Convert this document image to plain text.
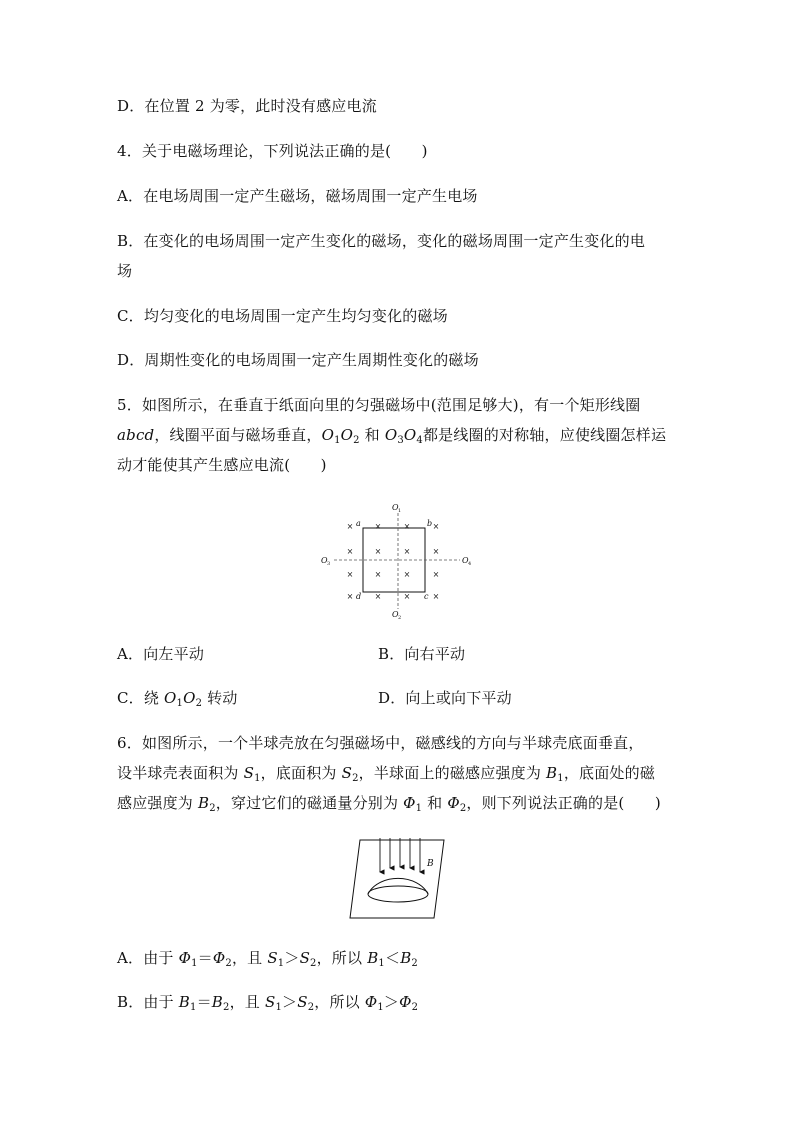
D．在位置 2 为零，此时没有感应电流
4．关于电磁场理论，下列说法正确的是(　　)
A．在电场周围一定产生磁场，磁场周围一定产生电场
B．在变化的电场周围一定产生变化的磁场，变化的磁场周围一定产生变化的电
场
C．均匀变化的电场周围一定产生均匀变化的磁场
D．周期性变化的电场周围一定产生周期性变化的磁场
5．如图所示，在垂直于纸面向里的匀强磁场中(范围足够大)，有一个矩形线圈
abcd，线圈平面与磁场垂直，$O_1O_2$ 和 $O_3O_4$都是线圈的对称轴，应使线圈怎样运
动才能使其产生感应电流(　　)
×	×	×	×
×	×	×	×
×	×	×	×
×	×	×	×
a	b
c
d
O
O
O	O
1
2
3	4
A．向左平动	B．向右平动
C．绕 $O_1O_2$ 转动	D．向上或向下平动
6．如图所示，一个半球壳放在匀强磁场中，磁感线的方向与半球壳底面垂直，
设半球壳表面积为 $S_1$，底面积为 $S_2$，半球面上的磁感应强度为 $B_1$，底面处的磁
感应强度为 $B_2$，穿过它们的磁通量分别为 $\Phi_1$ 和 $\Phi_2$，则下列说法正确的是(　　)
B
A．由于 $\Phi_1=\Phi_2$，且 $S_1>S_2$，所以 $B_1<B_2$
B．由于 $B_1=B_2$，且 $S_1>S_2$，所以 $\Phi_1>\Phi_2$
